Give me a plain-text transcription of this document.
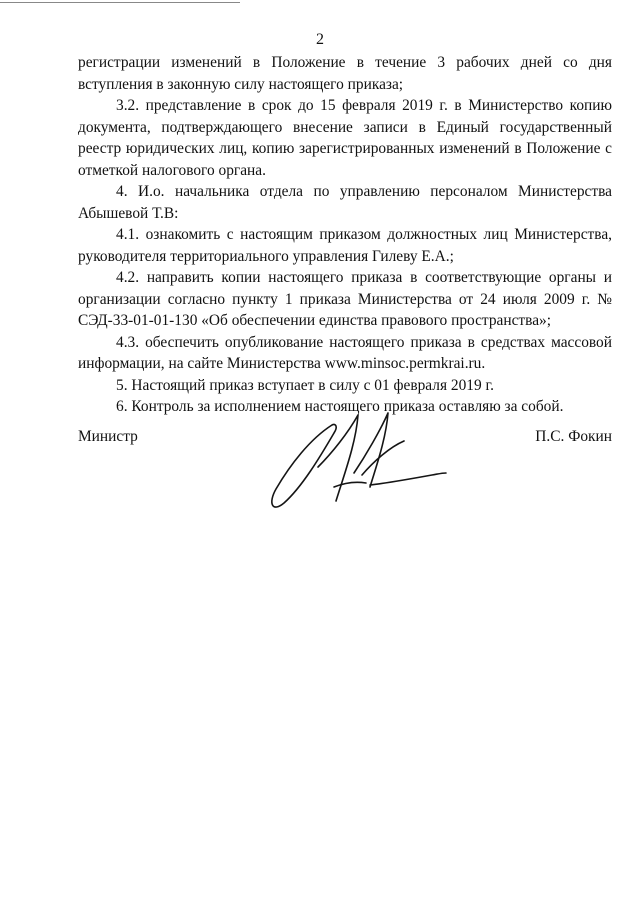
2

регистрации изменений в Положение в течение 3 рабочих дней со дня вступления в законную силу настоящего приказа;

3.2. представление в срок до 15 февраля 2019 г. в Министерство копию документа, подтверждающего внесение записи в Единый государственный реестр юридических лиц, копию зарегистрированных изменений в Положение с отметкой налогового органа.

4. И.о. начальника отдела по управлению персоналом Министерства Абышевой Т.В:

4.1. ознакомить с настоящим приказом должностных лиц Министерства, руководителя территориального управления Гилеву Е.А.;

4.2. направить копии настоящего приказа в соответствующие органы и организации согласно пункту 1 приказа Министерства от 24 июля 2009 г. № СЭД-33-01-01-130 «Об обеспечении единства правового пространства»;

4.3. обеспечить опубликование настоящего приказа в средствах массовой информации, на сайте Министерства www.minsoc.permkrai.ru.

5. Настоящий приказ вступает в силу с 01 февраля 2019 г.

6. Контроль за исполнением настоящего приказа оставляю за собой.

Министр	П.С. Фокин
